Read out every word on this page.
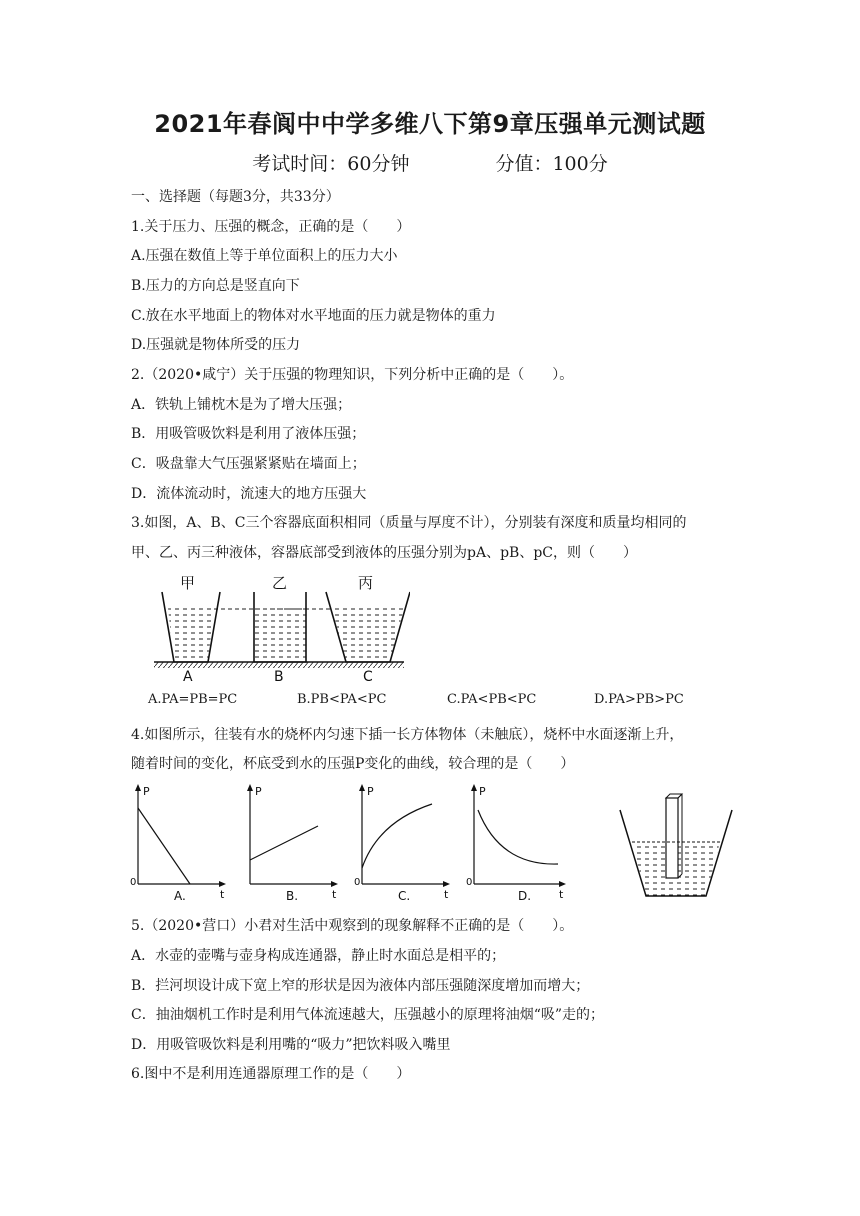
2021年春阆中中学多维八下第9章压强单元测试题
考试时间：60分钟	分值：100分
一、选择题（每题3分，共33分）
1.关于压力、压强的概念，正确的是（　　）
A.压强在数值上等于单位面积上的压力大小
B.压力的方向总是竖直向下
C.放在水平地面上的物体对水平地面的压力就是物体的重力
D.压强就是物体所受的压力
2.（2020•咸宁）关于压强的物理知识，下列分析中正确的是（　　）。
A．铁轨上铺枕木是为了增大压强；
B．用吸管吸饮料是利用了液体压强；
C．吸盘靠大气压强紧紧贴在墙面上；
D．流体流动时，流速大的地方压强大
3.如图，A、B、C三个容器底面积相同（质量与厚度不计），分别装有深度和质量均相同的
甲、乙、丙三种液体，容器底部受到液体的压强分别为pA、pB、pC，则（　　）
甲	乙	丙
A	B	C
A.PA=PB=PC	B.PB<PA<PC	C.PA<PB<PC	D.PA>PB>PC
4.如图所示，往装有水的烧杯内匀速下插一长方体物体（未触底），烧杯中水面逐渐上升，
随着时间的变化，杯底受到水的压强P变化的曲线，较合理的是（　　）
P
t
0
A.
P
t
B.
P
t
0
C.
P
t
0
D.
5.（2020•营口）小君对生活中观察到的现象解释不正确的是（　　）。
A．水壶的壶嘴与壶身构成连通器，静止时水面总是相平的；
B．拦河坝设计成下宽上窄的形状是因为液体内部压强随深度增加而增大；
C．抽油烟机工作时是利用气体流速越大，压强越小的原理将油烟“吸”走的；
D．用吸管吸饮料是利用嘴的“吸力”把饮料吸入嘴里
6.图中不是利用连通器原理工作的是（　　）
